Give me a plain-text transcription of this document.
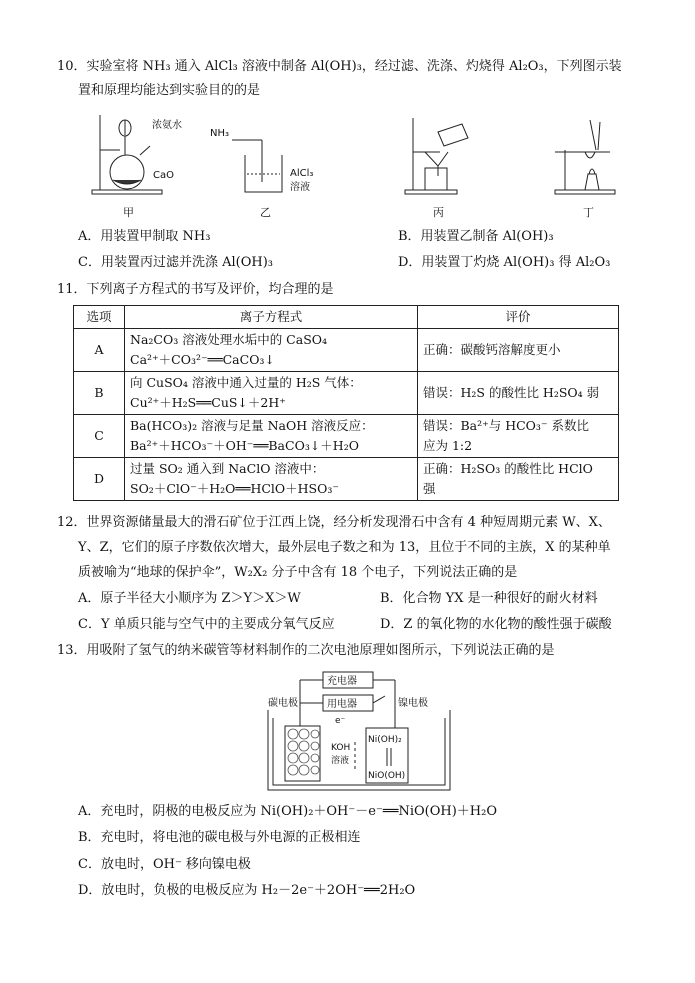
10．实验室将 NH₃ 通入 AlCl₃ 溶液中制备 Al(OH)₃，经过滤、洗涤、灼烧得 Al₂O₃，下列图示装
置和原理均能达到实验目的的是
浓氨水
CaO
甲
NH₃
AlCl₃
溶液
乙	丙	丁
A．用装置甲制取 NH₃	B．用装置乙制备 Al(OH)₃
C．用装置丙过滤并洗涤 Al(OH)₃	D．用装置丁灼烧 Al(OH)₃ 得 Al₂O₃
11．下列离子方程式的书写及评价，均合理的是
选项	离子方程式	评价
A	Na₂CO₃ 溶液处理水垢中的 CaSO₄
Ca²⁺＋CO₃²⁻══CaCO₃↓	正确：碳酸钙溶解度更小

B	向 CuSO₄ 溶液中通入过量的 H₂S 气体：
Cu²⁺＋H₂S══CuS↓＋2H⁺	错误：H₂S 的酸性比 H₂SO₄ 弱

C	Ba(HCO₃)₂ 溶液与足量 NaOH 溶液反应：
Ba²⁺＋HCO₃⁻＋OH⁻══BaCO₃↓＋H₂O	错误：Ba²⁺与 HCO₃⁻ 系数比
应为 1:2

D	过量 SO₂ 通入到 NaClO 溶液中：
SO₂＋ClO⁻＋H₂O══HClO＋HSO₃⁻	正确：H₂SO₃ 的酸性比 HClO
强
12．世界资源储量最大的滑石矿位于江西上饶，经分析发现滑石中含有 4 种短周期元素 W、X、
Y、Z，它们的原子序数依次增大，最外层电子数之和为 13，且位于不同的主族，X 的某种单
质被喻为“地球的保护伞”，W₂X₂ 分子中含有 18 个电子，下列说法正确的是
A．原子半径大小顺序为 Z＞Y＞X＞W	B．化合物 YX 是一种很好的耐火材料
C．Y 单质只能与空气中的主要成分氧气反应	D．Z 的氧化物的水化物的酸性强于碳酸
13．用吸附了氢气的纳米碳管等材料制作的二次电池原理如图所示，下列说法正确的是
充电器
用电器
碳电极	镍电极
e⁻
KOH
溶液
Ni(OH)₂
NiO(OH)
A．充电时，阴极的电极反应为 Ni(OH)₂＋OH⁻－e⁻══NiO(OH)＋H₂O
B．充电时，将电池的碳电极与外电源的正极相连
C．放电时，OH⁻ 移向镍电极
D．放电时，负极的电极反应为 H₂－2e⁻＋2OH⁻══2H₂O
